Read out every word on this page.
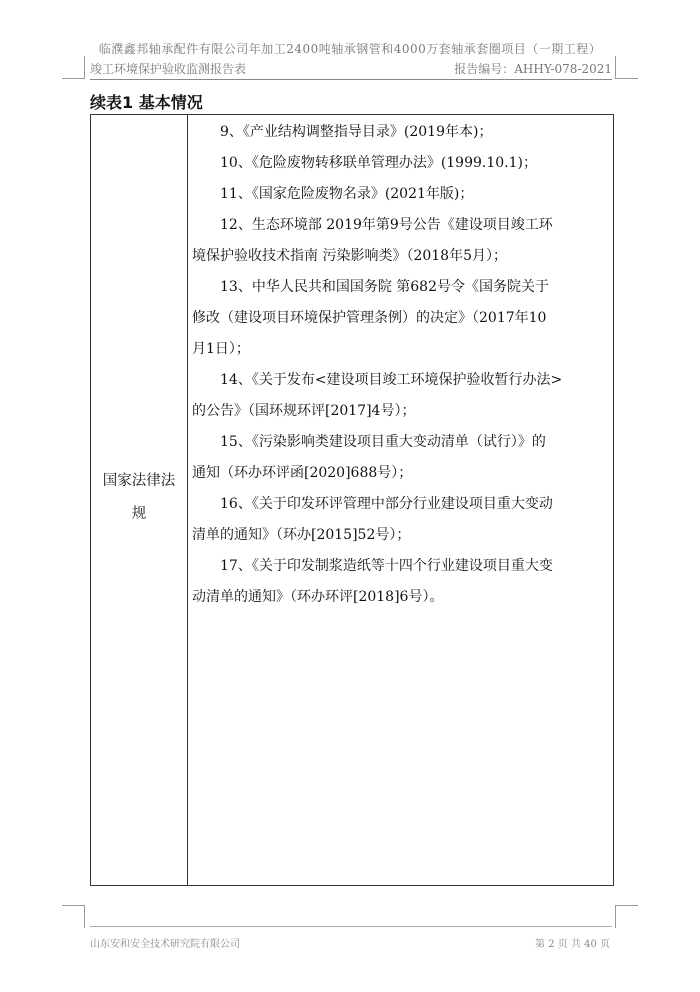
临濮鑫邦轴承配件有限公司年加工2400吨轴承钢管和4000万套轴承套圈项目（一期工程）
竣工环境保护验收监测报告表	报告编号：AHHY-078-2021
续表1 基本情况
国家法律法
规
9、《产业结构调整指导目录》(2019年本)；
10、《危险废物转移联单管理办法》(1999.10.1)；
11、《国家危险废物名录》(2021年版)；
12、生态环境部 2019年第9号公告《建设项目竣工环
境保护验收技术指南 污染影响类》（2018年5月）；
13、中华人民共和国国务院 第682号令《国务院关于
修改（建设项目环境保护管理条例）的决定》（2017年10
月1日）；
14、《关于发布<建设项目竣工环境保护验收暂行办法>
的公告》（国环规环评[2017]4号）；
15、《污染影响类建设项目重大变动清单（试行）》的
通知（环办环评函[2020]688号）；
16、《关于印发环评管理中部分行业建设项目重大变动
清单的通知》（环办[2015]52号）；
17、《关于印发制浆造纸等十四个行业建设项目重大变
动清单的通知》（环办环评[2018]6号）。
山东安和安全技术研究院有限公司	第 2 页 共 40 页
